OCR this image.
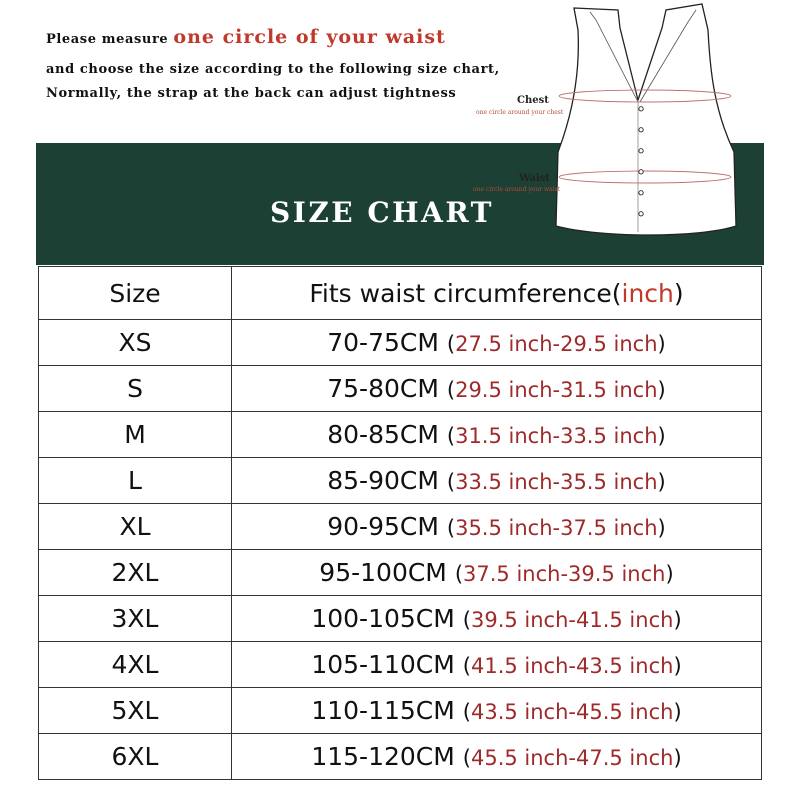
Please measure one circle of your waist
and choose the size according to the following size chart,
Normally, the strap at the back can adjust tightness	Chest
one circle around your chest
Waist
one circle around your waist
SIZE CHART
Size	Fits waist circumference(inch)
XS	70-75CM (27.5 inch-29.5 inch)
S	75-80CM (29.5 inch-31.5 inch)
M	80-85CM (31.5 inch-33.5 inch)
L	85-90CM (33.5 inch-35.5 inch)
XL	90-95CM (35.5 inch-37.5 inch)
2XL	95-100CM (37.5 inch-39.5 inch)
3XL	100-105CM (39.5 inch-41.5 inch)
4XL	105-110CM (41.5 inch-43.5 inch)
5XL	110-115CM (43.5 inch-45.5 inch)
6XL	115-120CM (45.5 inch-47.5 inch)
